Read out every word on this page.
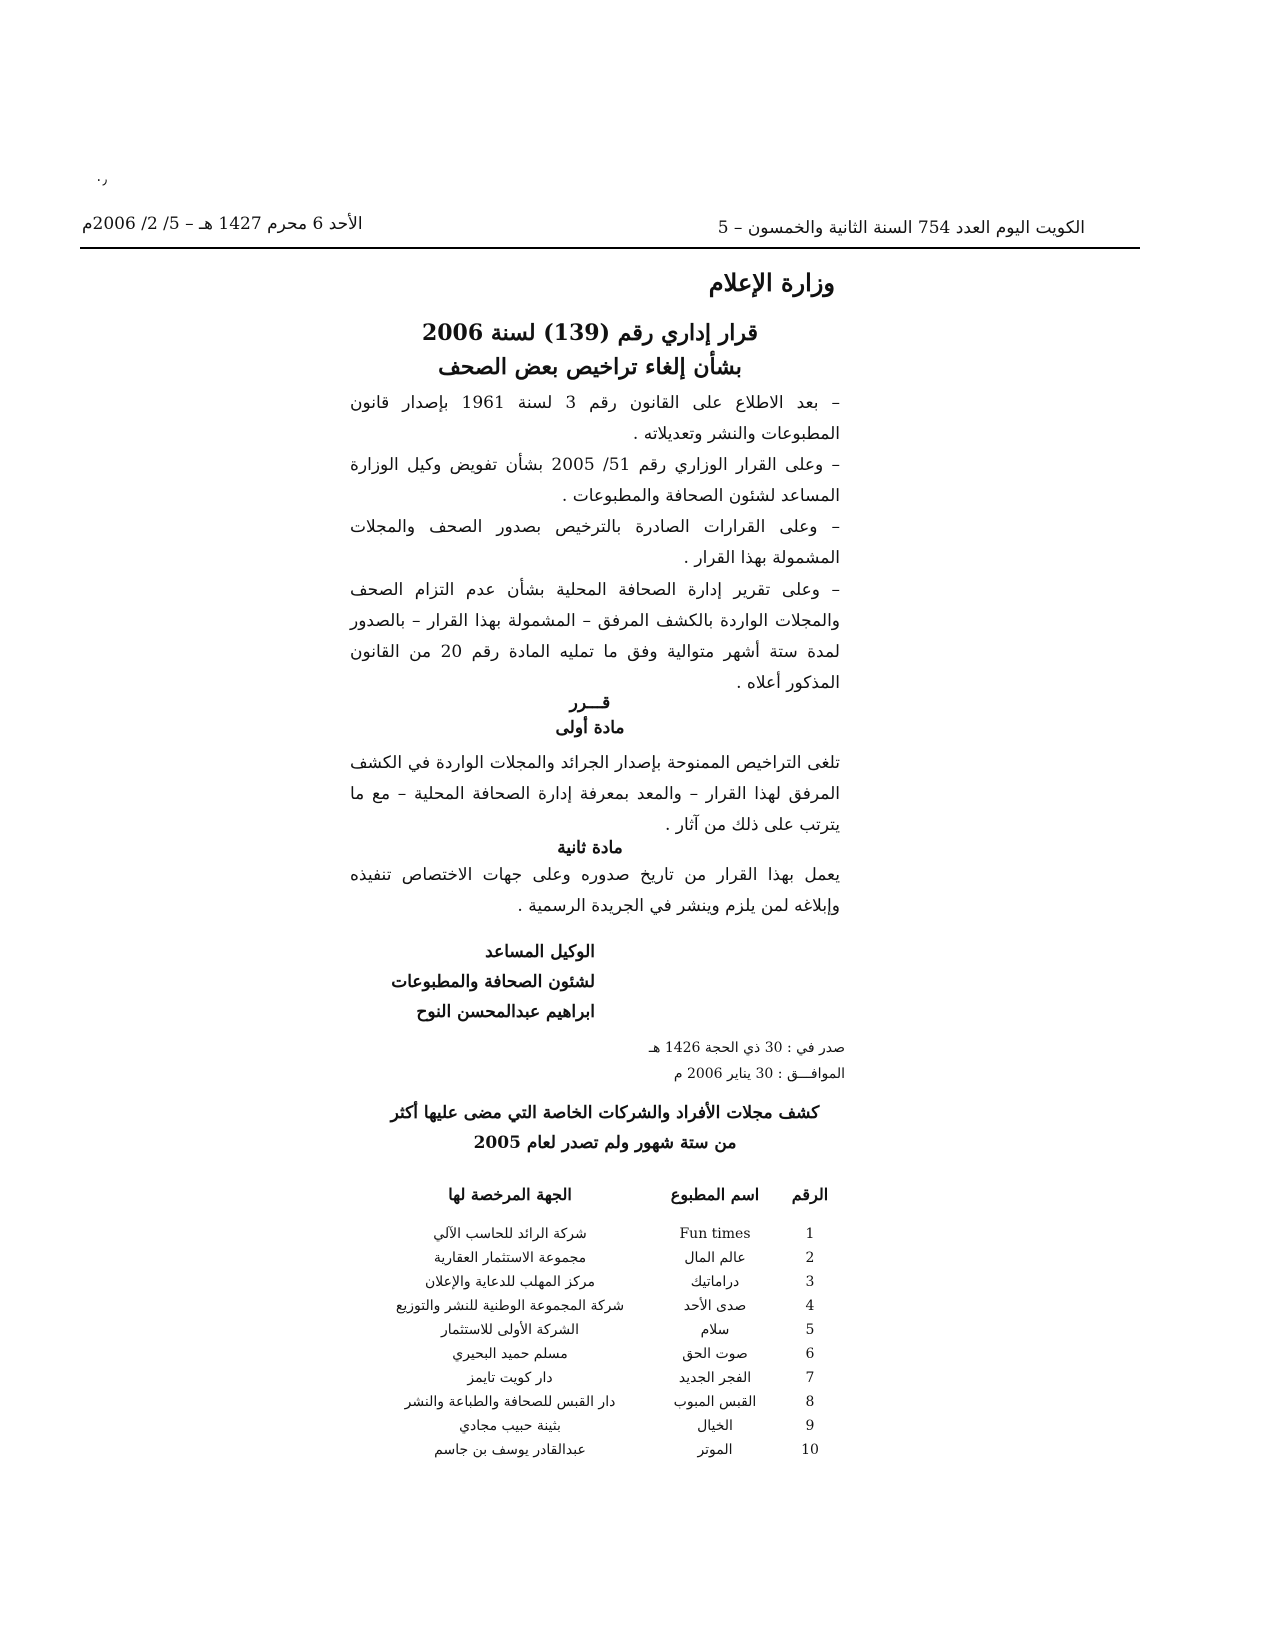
٠٫
الكويت اليوم العدد 754 السنة الثانية والخمسون – 5
الأحد 6 محرم 1427 هـ – 5/ 2/ 2006م
وزارة الإعلام
قرار إداري رقم (139) لسنة 2006
بشأن إلغاء تراخيص بعض الصحف
– بعد الاطلاع على القانون رقم 3 لسنة 1961 بإصدار قانون المطبوعات والنشر وتعديلاته .
– وعلى القرار الوزاري رقم 51/ 2005 بشأن تفويض وكيل الوزارة المساعد لشئون الصحافة والمطبوعات .
– وعلى القرارات الصادرة بالترخيص بصدور الصحف والمجلات المشمولة بهذا القرار .
– وعلى تقرير إدارة الصحافة المحلية بشأن عدم التزام الصحف والمجلات الواردة بالكشف المرفق – المشمولة بهذا القرار – بالصدور لمدة ستة أشهر متوالية وفق ما تمليه المادة رقم 20 من القانون المذكور أعلاه .
قـــرر
مادة أولى
تلغى التراخيص الممنوحة بإصدار الجرائد والمجلات الواردة في الكشف المرفق لهذا القرار – والمعد بمعرفة إدارة الصحافة المحلية – مع ما يترتب على ذلك من آثار .
مادة ثانية
يعمل بهذا القرار من تاريخ صدوره وعلى جهات الاختصاص تنفيذه وإبلاغه لمن يلزم وينشر في الجريدة الرسمية .
الوكيل المساعد
لشئون الصحافة والمطبوعات
ابراهيم عبدالمحسن النوح
صدر في : 30 ذي الحجة 1426 هـ
الموافـــق : 30 يناير 2006 م
كشف مجلات الأفراد والشركات الخاصة التي مضى عليها أكثر
من ستة شهور ولم تصدر لعام 2005
الرقم	اسم المطبوع	الجهة المرخصة لها
1	Fun times	شركة الرائد للحاسب الآلي
2	عالم المال	مجموعة الاستثمار العقارية
3	دراماتيك	مركز المهلب للدعاية والإعلان
4	صدى الأحد	شركة المجموعة الوطنية للنشر والتوزيع
5	سلام	الشركة الأولى للاستثمار
6	صوت الحق	مسلم حميد البحيري
7	الفجر الجديد	دار كويت تايمز
8	القبس المبوب	دار القبس للصحافة والطباعة والنشر
9	الخيال	بثينة حبيب مجادي
10	الموتر	عبدالقادر يوسف بن جاسم
